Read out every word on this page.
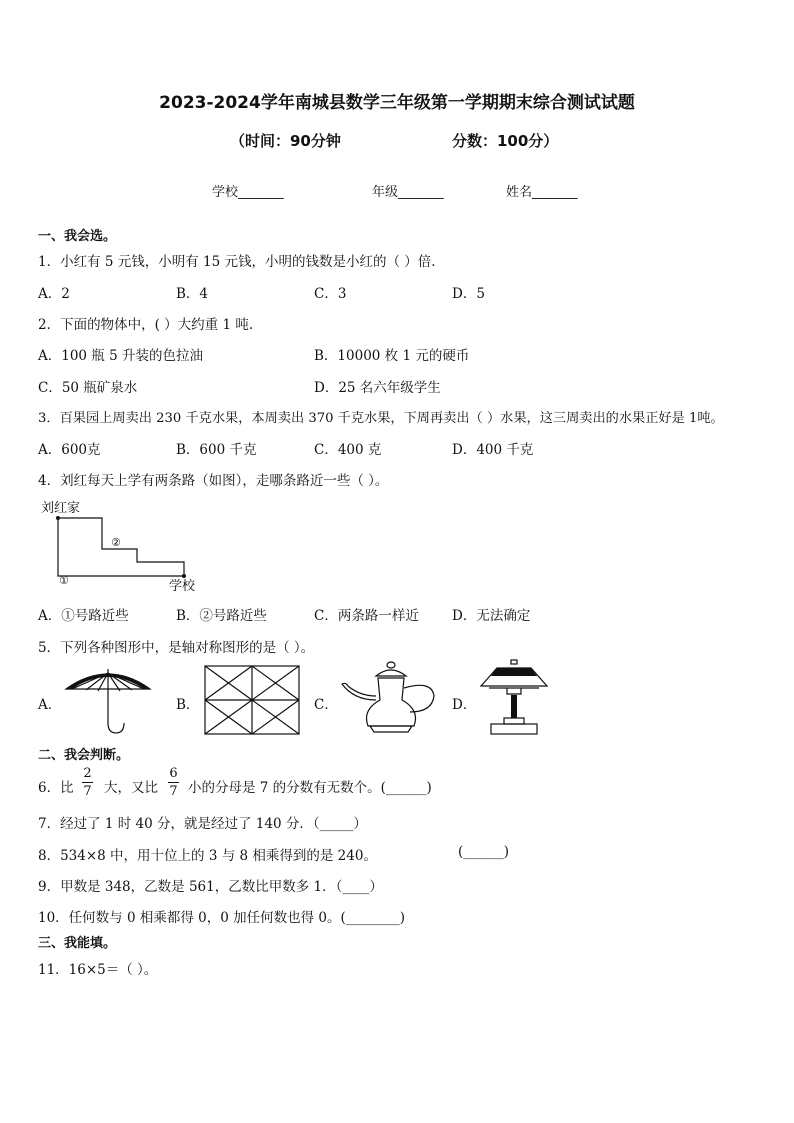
2023-2024学年南城县数学三年级第一学期期末综合测试试题
（时间：90分钟	分数：100分）
学校_______	年级_______	姓名_______
一、我会选。
1．小红有 5 元钱，小明有 15 元钱，小明的钱数是小红的（ ）倍.
A．2	B．4	C．3	D．5
2．下面的物体中，( ）大约重 1 吨.
A．100 瓶 5 升装的色拉油	B．10000 枚 1 元的硬币
C．50 瓶矿泉水	D．25 名六年级学生
3．百果园上周卖出 230 千克水果，本周卖出 370 千克水果，下周再卖出（ ）水果，这三周卖出的水果正好是 1吨。
A．600克	B．600 千克	C．400 克	D．400 千克
4．刘红每天上学有两条路（如图），走哪条路近一些（ ）。
刘红家
学校
②
①
A．①号路近些	B．②号路近些	C．两条路一样近 D．无法确定
5．下列各种图形中，是轴对称图形的是（ ）。
A．	B．	C．	D．
二、我会判断。
6．比
2
7 大，又比
6
7 小的分母是 7 的分数有无数个。(______)
7．经过了 1 时 40 分，就是经过了 140 分．（_____）
8．534×8 中，用十位上的 3 与 8 相乘得到的是 240。	(______)
9．甲数是 348，乙数是 561，乙数比甲数多 1．（____）
10．任何数与 0 相乘都得 0，0 加任何数也得 0。(________)
三、我能填。
11．16×5＝（ ）。
